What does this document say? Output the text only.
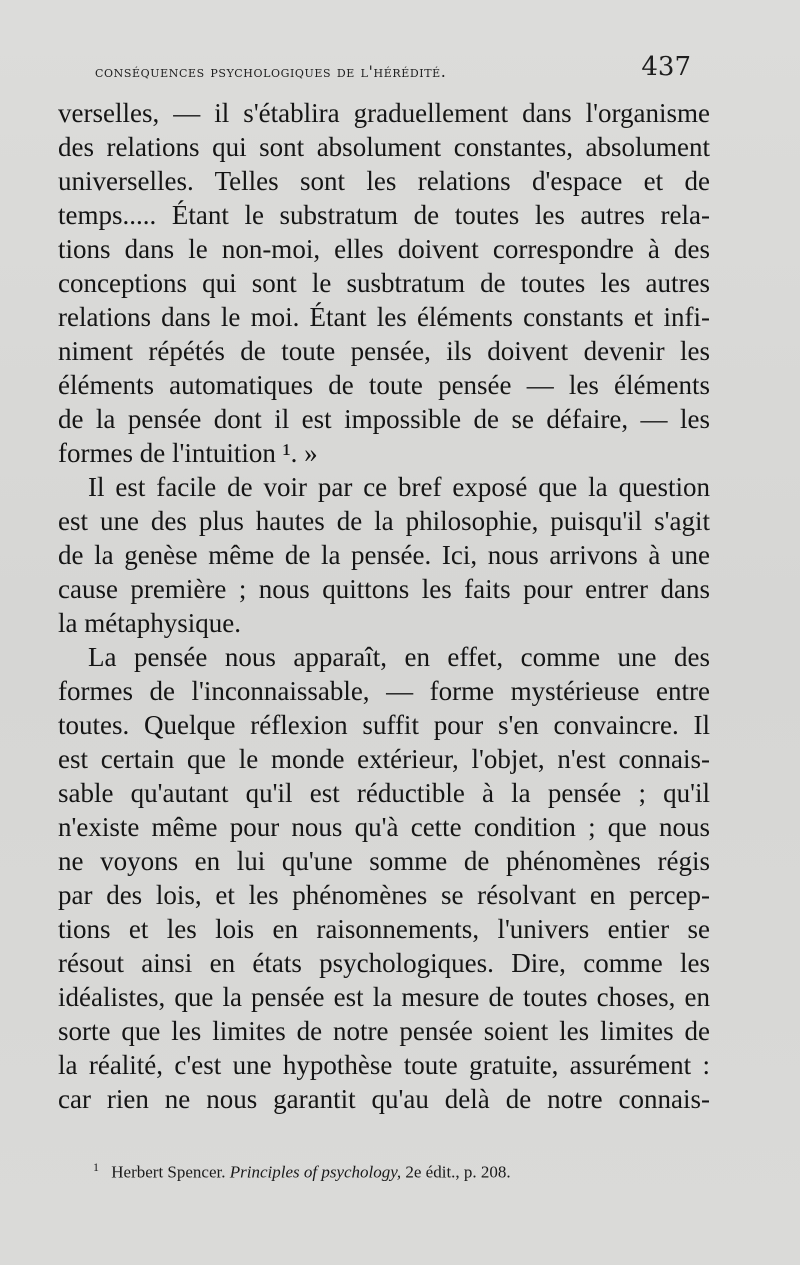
conséquences psychologiques de l'hérédité.	437
verselles, — il s'établira graduellement dans l'organisme
des relations qui sont absolument constantes, absolument
universelles. Telles sont les relations d'espace et de
temps..... Étant le substratum de toutes les autres rela-
tions dans le non-moi, elles doivent correspondre à des
conceptions qui sont le susbtratum de toutes les autres
relations dans le moi. Étant les éléments constants et infi-
niment répétés de toute pensée, ils doivent devenir les
éléments automatiques de toute pensée — les éléments
de la pensée dont il est impossible de se défaire, — les
formes de l'intuition ¹. »
Il est facile de voir par ce bref exposé que la question
est une des plus hautes de la philosophie, puisqu'il s'agit
de la genèse même de la pensée. Ici, nous arrivons à une
cause première ; nous quittons les faits pour entrer dans
la métaphysique.
La pensée nous apparaît, en effet, comme une des
formes de l'inconnaissable, — forme mystérieuse entre
toutes. Quelque réflexion suffit pour s'en convaincre. Il
est certain que le monde extérieur, l'objet, n'est connais-
sable qu'autant qu'il est réductible à la pensée ; qu'il
n'existe même pour nous qu'à cette condition ; que nous
ne voyons en lui qu'une somme de phénomènes régis
par des lois, et les phénomènes se résolvant en percep-
tions et les lois en raisonnements, l'univers entier se
résout ainsi en états psychologiques. Dire, comme les
idéalistes, que la pensée est la mesure de toutes choses, en
sorte que les limites de notre pensée soient les limites de
la réalité, c'est une hypothèse toute gratuite, assurément :
car rien ne nous garantit qu'au delà de notre connais-
$^1$ Herbert Spencer. Principles of psychology, 2e édit., p. 208.
